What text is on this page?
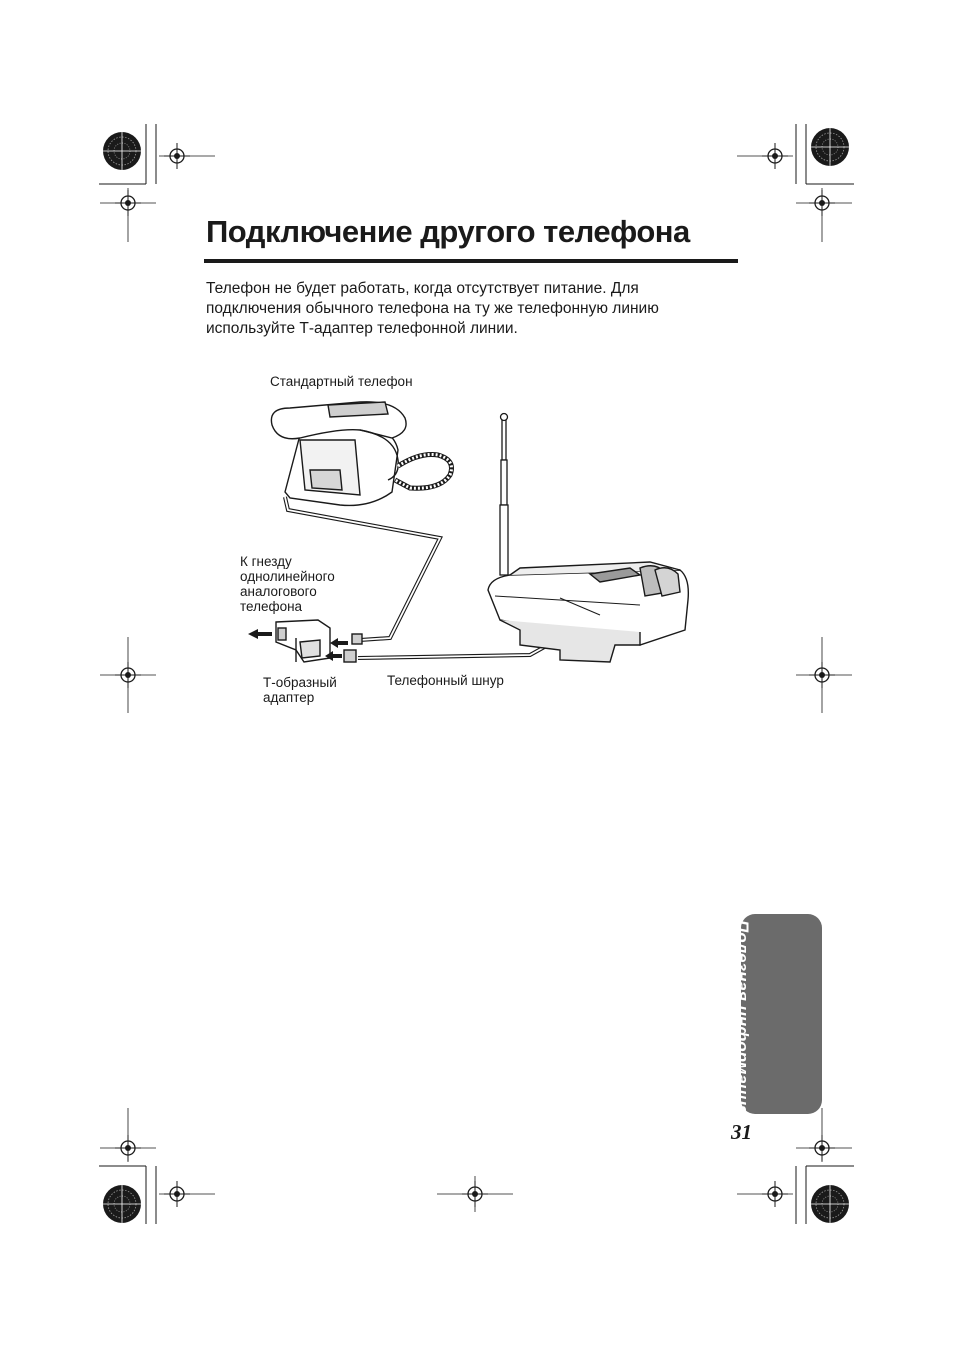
Подключение другого телефона

Телефон не будет работать, когда отсутствует питание. Для
подключения обычного телефона на ту же телефонную линию
используйте Т-адаптер телефонной линии.

Стандартный телефон
К гнезду
однолинейного
аналогового
телефона
Т-образный
адаптер
Телефонный шнур
Полезная информация
31
